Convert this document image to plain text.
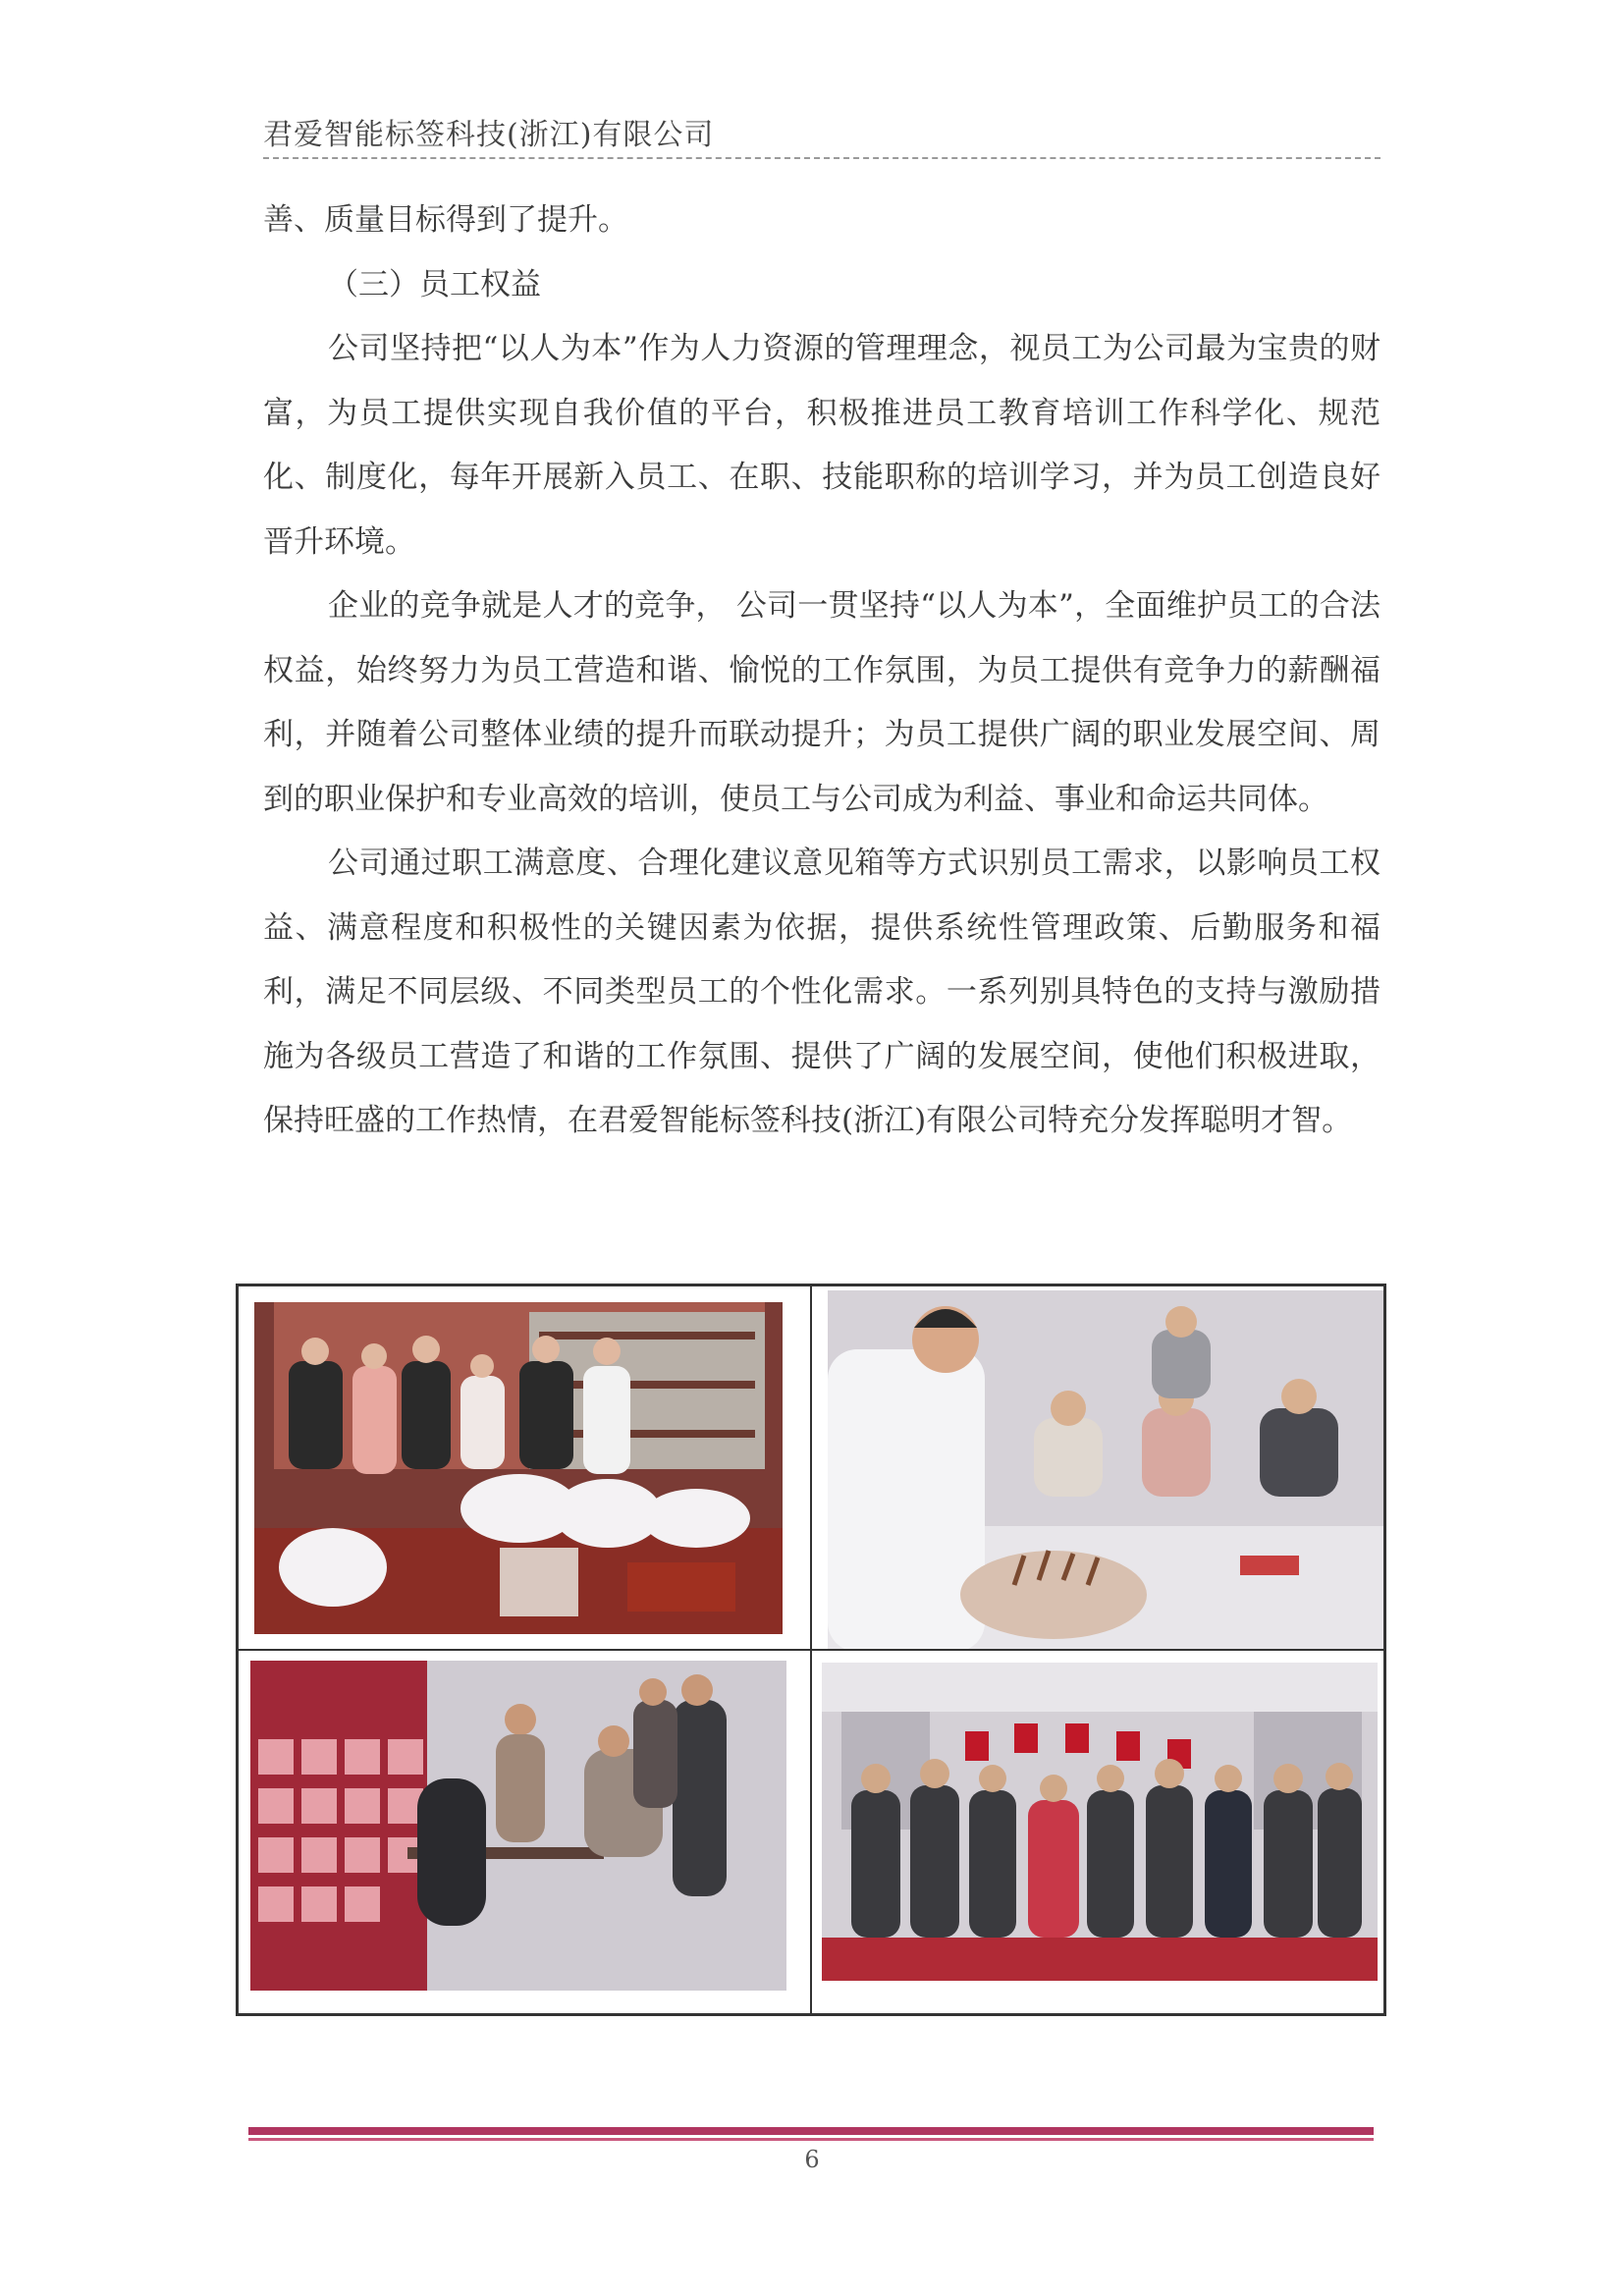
君爱智能标签科技(浙江)有限公司

善、质量目标得到了提升。

（三）员工权益

公司坚持把“以人为本”作为人力资源的管理理念，视员工为公司最为宝贵的财富，为员工提供实现自我价值的平台，积极推进员工教育培训工作科学化、规范化、制度化，每年开展新入员工、在职、技能职称的培训学习，并为员工创造良好晋升环境。

企业的竞争就是人才的竞争， 公司一贯坚持“以人为本”，全面维护员工的合法权益，始终努力为员工营造和谐、愉悦的工作氛围，为员工提供有竞争力的薪酬福利，并随着公司整体业绩的提升而联动提升；为员工提供广阔的职业发展空间、周到的职业保护和专业高效的培训，使员工与公司成为利益、事业和命运共同体。

公司通过职工满意度、合理化建议意见箱等方式识别员工需求，以影响员工权益、满意程度和积极性的关键因素为依据，提供系统性管理政策、后勤服务和福利，满足不同层级、不同类型员工的个性化需求。一系列别具特色的支持与激励措施为各级员工营造了和谐的工作氛围、提供了广阔的发展空间，使他们积极进取，保持旺盛的工作热情，在君爱智能标签科技(浙江)有限公司特充分发挥聪明才智。

6
